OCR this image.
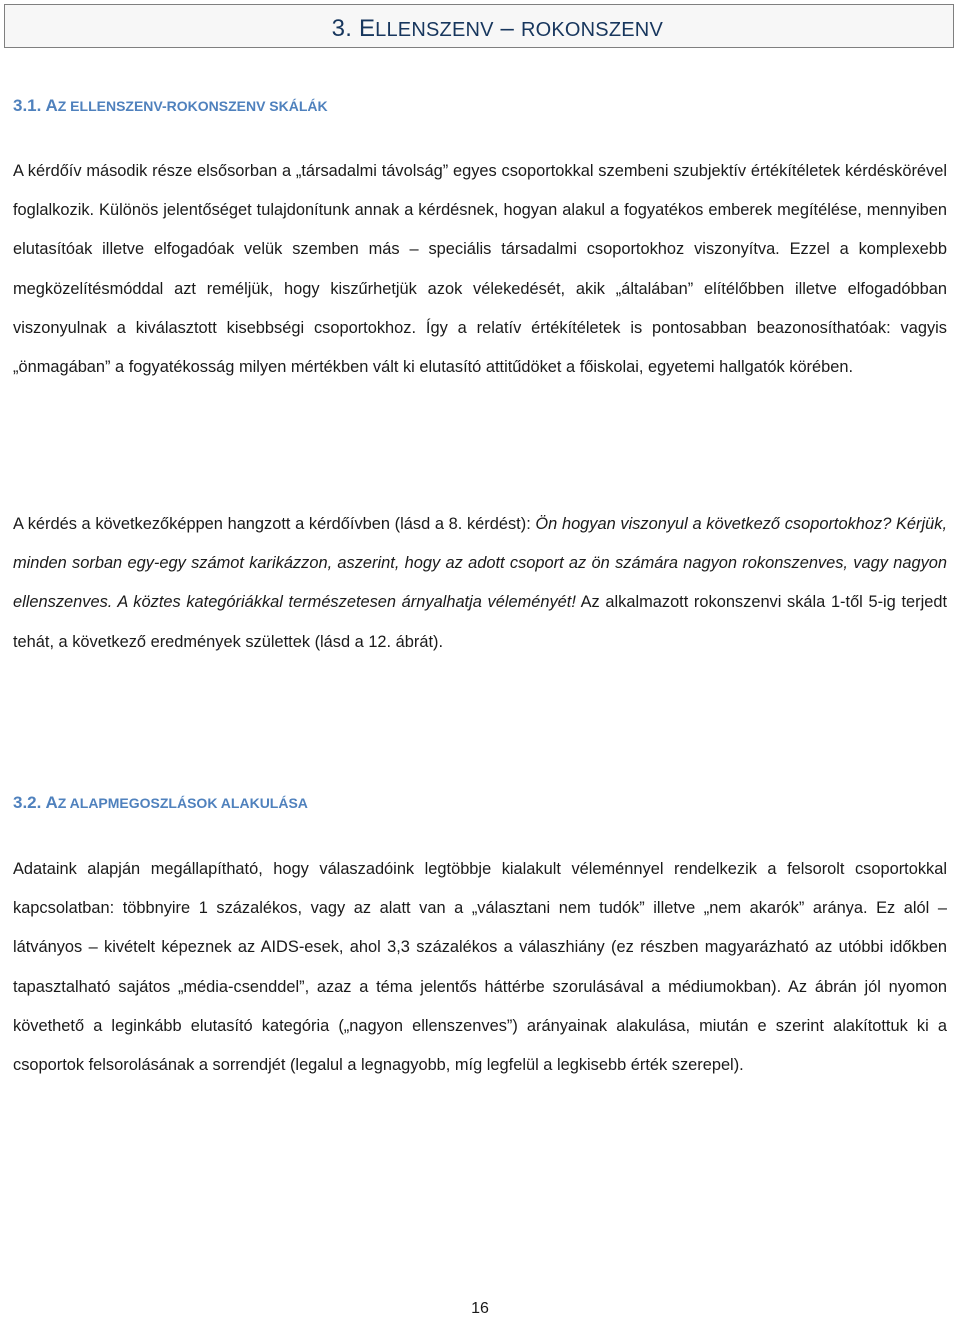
3. ELLENSZENV – ROKONSZENV
3.1. AZ ELLENSZENV-ROKONSZENV SKÁLÁK

A kérdőív második része elsősorban a „társadalmi távolság” egyes csoportokkal szembeni szubjektív értékítéletek kérdéskörével foglalkozik. Különös jelentőséget tulajdonítunk annak a kérdésnek, hogyan alakul a fogyatékos emberek megítélése, mennyiben elutasítóak illetve elfogadóak velük szemben más – speciális társadalmi csoportokhoz viszonyítva. Ezzel a komplexebb megközelítésmóddal azt reméljük, hogy kiszűrhetjük azok vélekedését, akik „általában” elítélőbben illetve elfogadóbban viszonyulnak a kiválasztott kisebbségi csoportokhoz. Így a relatív értékítéletek is pontosabban beazonosíthatóak: vagyis „önmagában” a fogyatékosság milyen mértékben vált ki elutasító attitűdöket a főiskolai, egyetemi hallgatók körében.

A kérdés a következőképpen hangzott a kérdőívben (lásd a 8. kérdést): Ön hogyan viszonyul a következő csoportokhoz? Kérjük, minden sorban egy-egy számot karikázzon, aszerint, hogy az adott csoport az ön számára nagyon rokonszenves, vagy nagyon ellenszenves. A köztes kategóriákkal természetesen árnyalhatja véleményét! Az alkalmazott rokonszenvi skála 1-től 5-ig terjedt tehát, a következő eredmények születtek (lásd a 12. ábrát).

3.2. AZ ALAPMEGOSZLÁSOK ALAKULÁSA

Adataink alapján megállapítható, hogy válaszadóink legtöbbje kialakult véleménnyel rendelkezik a felsorolt csoportokkal kapcsolatban: többnyire 1 százalékos, vagy az alatt van a „választani nem tudók” illetve „nem akarók” aránya. Ez alól – látványos – kivételt képeznek az AIDS-esek, ahol 3,3 százalékos a válaszhiány (ez részben magyarázható az utóbbi időkben tapasztalható sajátos „média-csenddel”, azaz a téma jelentős háttérbe szorulásával a médiumokban). Az ábrán jól nyomon követhető a leginkább elutasító kategória („nagyon ellenszenves”) arányainak alakulása, miután e szerint alakítottuk ki a csoportok felsorolásának a sorrendjét (legalul a legnagyobb, míg legfelül a legkisebb érték szerepel).

16
